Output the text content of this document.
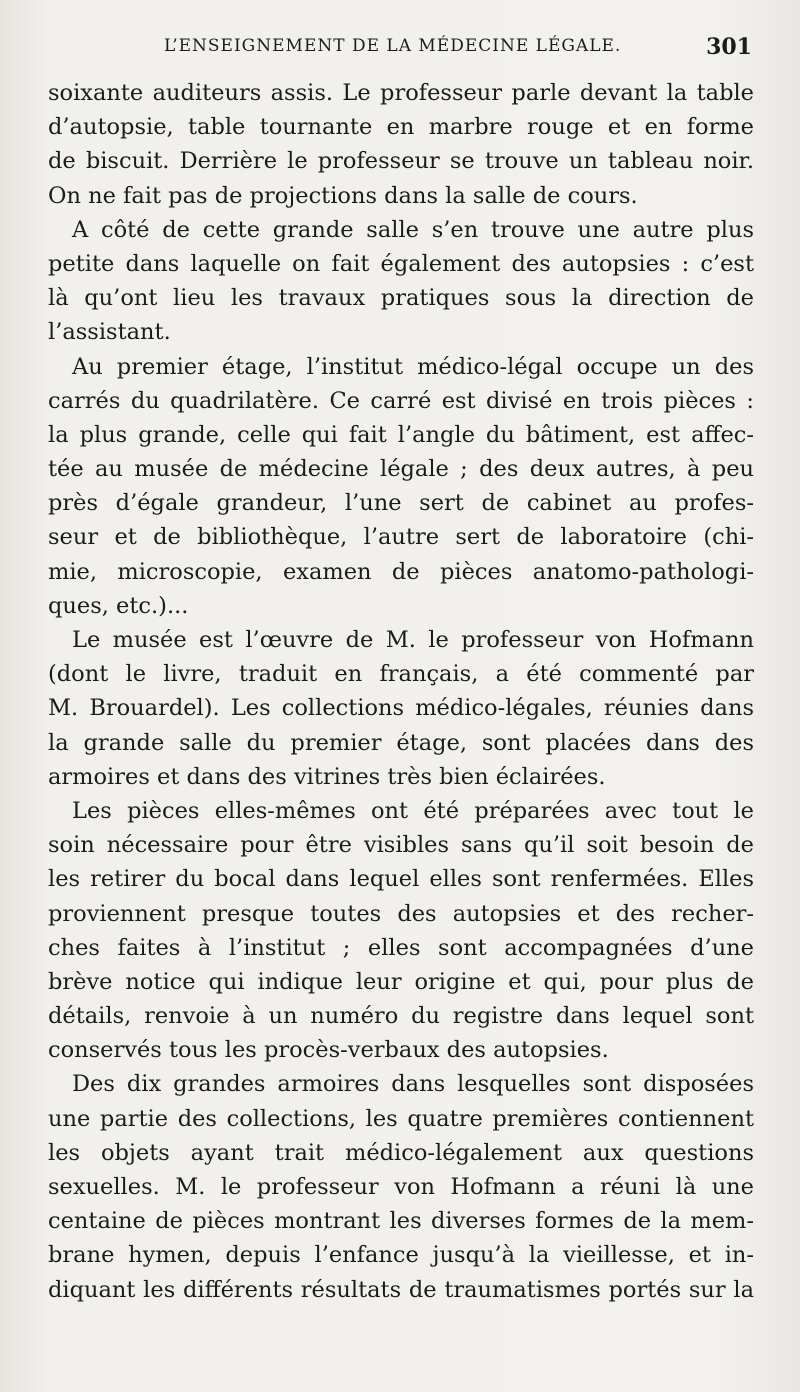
L’ENSEIGNEMENT DE LA MÉDECINE LÉGALE.	301
soixante auditeurs assis. Le professeur parle devant la table
d’autopsie, table tournante en marbre rouge et en forme
de biscuit. Derrière le professeur se trouve un tableau noir.
On ne fait pas de projections dans la salle de cours.
A côté de cette grande salle s’en trouve une autre plus
petite dans laquelle on fait également des autopsies : c’est
là qu’ont lieu les travaux pratiques sous la direction de
l’assistant.
Au premier étage, l’institut médico-légal occupe un des
carrés du quadrilatère. Ce carré est divisé en trois pièces :
la plus grande, celle qui fait l’angle du bâtiment, est affec-
tée au musée de médecine légale ; des deux autres, à peu
près d’égale grandeur, l’une sert de cabinet au profes-
seur et de bibliothèque, l’autre sert de laboratoire (chi-
mie, microscopie, examen de pièces anatomo-pathologi-
ques, etc.)...
Le musée est l’œuvre de M. le professeur von Hofmann
(dont le livre, traduit en français, a été commenté par
M. Brouardel). Les collections médico-légales, réunies dans
la grande salle du premier étage, sont placées dans des
armoires et dans des vitrines très bien éclairées.
Les pièces elles-mêmes ont été préparées avec tout le
soin nécessaire pour être visibles sans qu’il soit besoin de
les retirer du bocal dans lequel elles sont renfermées. Elles
proviennent presque toutes des autopsies et des recher-
ches faites à l’institut ; elles sont accompagnées d’une
brève notice qui indique leur origine et qui, pour plus de
détails, renvoie à un numéro du registre dans lequel sont
conservés tous les procès-verbaux des autopsies.
Des dix grandes armoires dans lesquelles sont disposées
une partie des collections, les quatre premières contiennent
les objets ayant trait médico-légalement aux questions
sexuelles. M. le professeur von Hofmann a réuni là une
centaine de pièces montrant les diverses formes de la mem-
brane hymen, depuis l’enfance jusqu’à la vieillesse, et in-
diquant les différents résultats de traumatismes portés sur la
